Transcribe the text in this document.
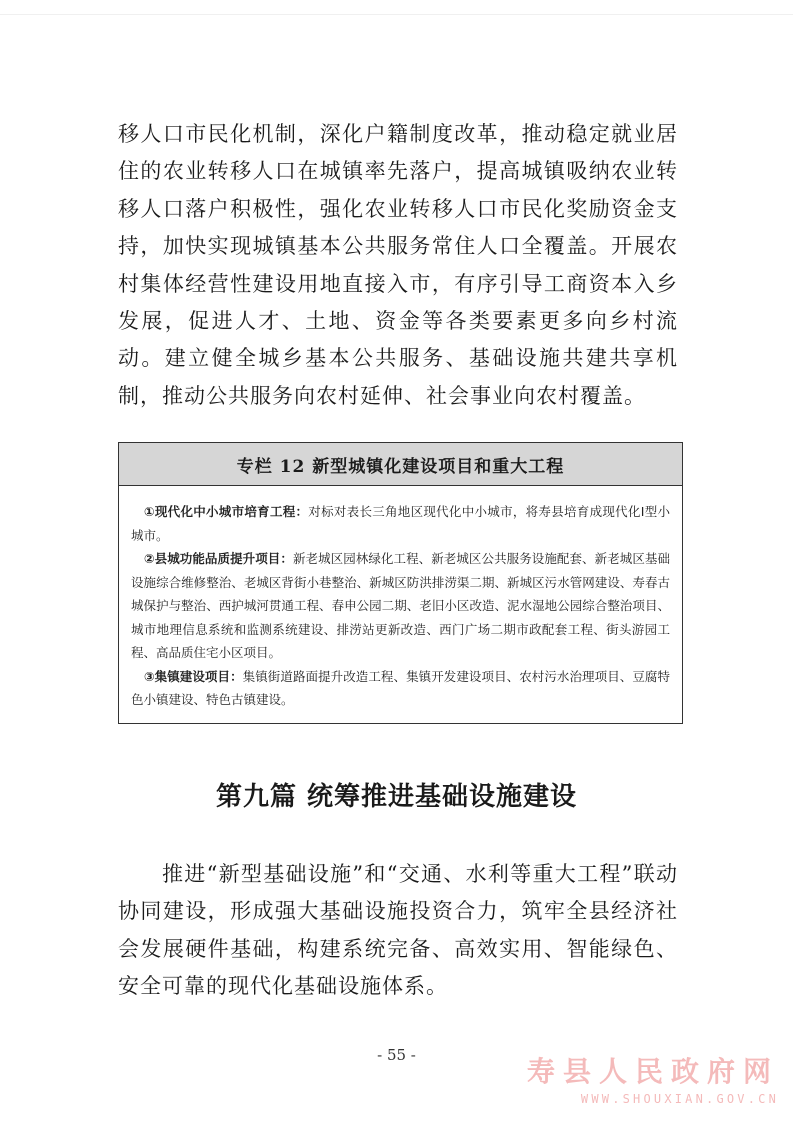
移人口市民化机制，深化户籍制度改革，推动稳定就业居住的农业转移人口在城镇率先落户，提高城镇吸纳农业转移人口落户积极性，强化农业转移人口市民化奖励资金支持，加快实现城镇基本公共服务常住人口全覆盖。开展农村集体经营性建设用地直接入市，有序引导工商资本入乡发展，促进人才、土地、资金等各类要素更多向乡村流动。建立健全城乡基本公共服务、基础设施共建共享机制，推动公共服务向农村延伸、社会事业向农村覆盖。

专栏 12 新型城镇化建设项目和重大工程

①现代化中小城市培育工程：对标对表长三角地区现代化中小城市，将寿县培育成现代化Ⅰ型小城市。

②县城功能品质提升项目：新老城区园林绿化工程、新老城区公共服务设施配套、新老城区基础设施综合维修整治、老城区背街小巷整治、新城区防洪排涝渠二期、新城区污水管网建设、寿春古城保护与整治、西护城河贯通工程、春申公园二期、老旧小区改造、泥水湿地公园综合整治项目、城市地理信息系统和监测系统建设、排涝站更新改造、西门广场二期市政配套工程、街头游园工程、高品质住宅小区项目。

③集镇建设项目：集镇街道路面提升改造工程、集镇开发建设项目、农村污水治理项目、豆腐特色小镇建设、特色古镇建设。

第九篇 统筹推进基础设施建设

推进“新型基础设施”和“交通、水利等重大工程”联动协同建设，形成强大基础设施投资合力，筑牢全县经济社会发展硬件基础，构建系统完备、高效实用、智能绿色、安全可靠的现代化基础设施体系。

- 55 -	寿县人民政府网
WWW.SHOUXIAN.GOV.CN
